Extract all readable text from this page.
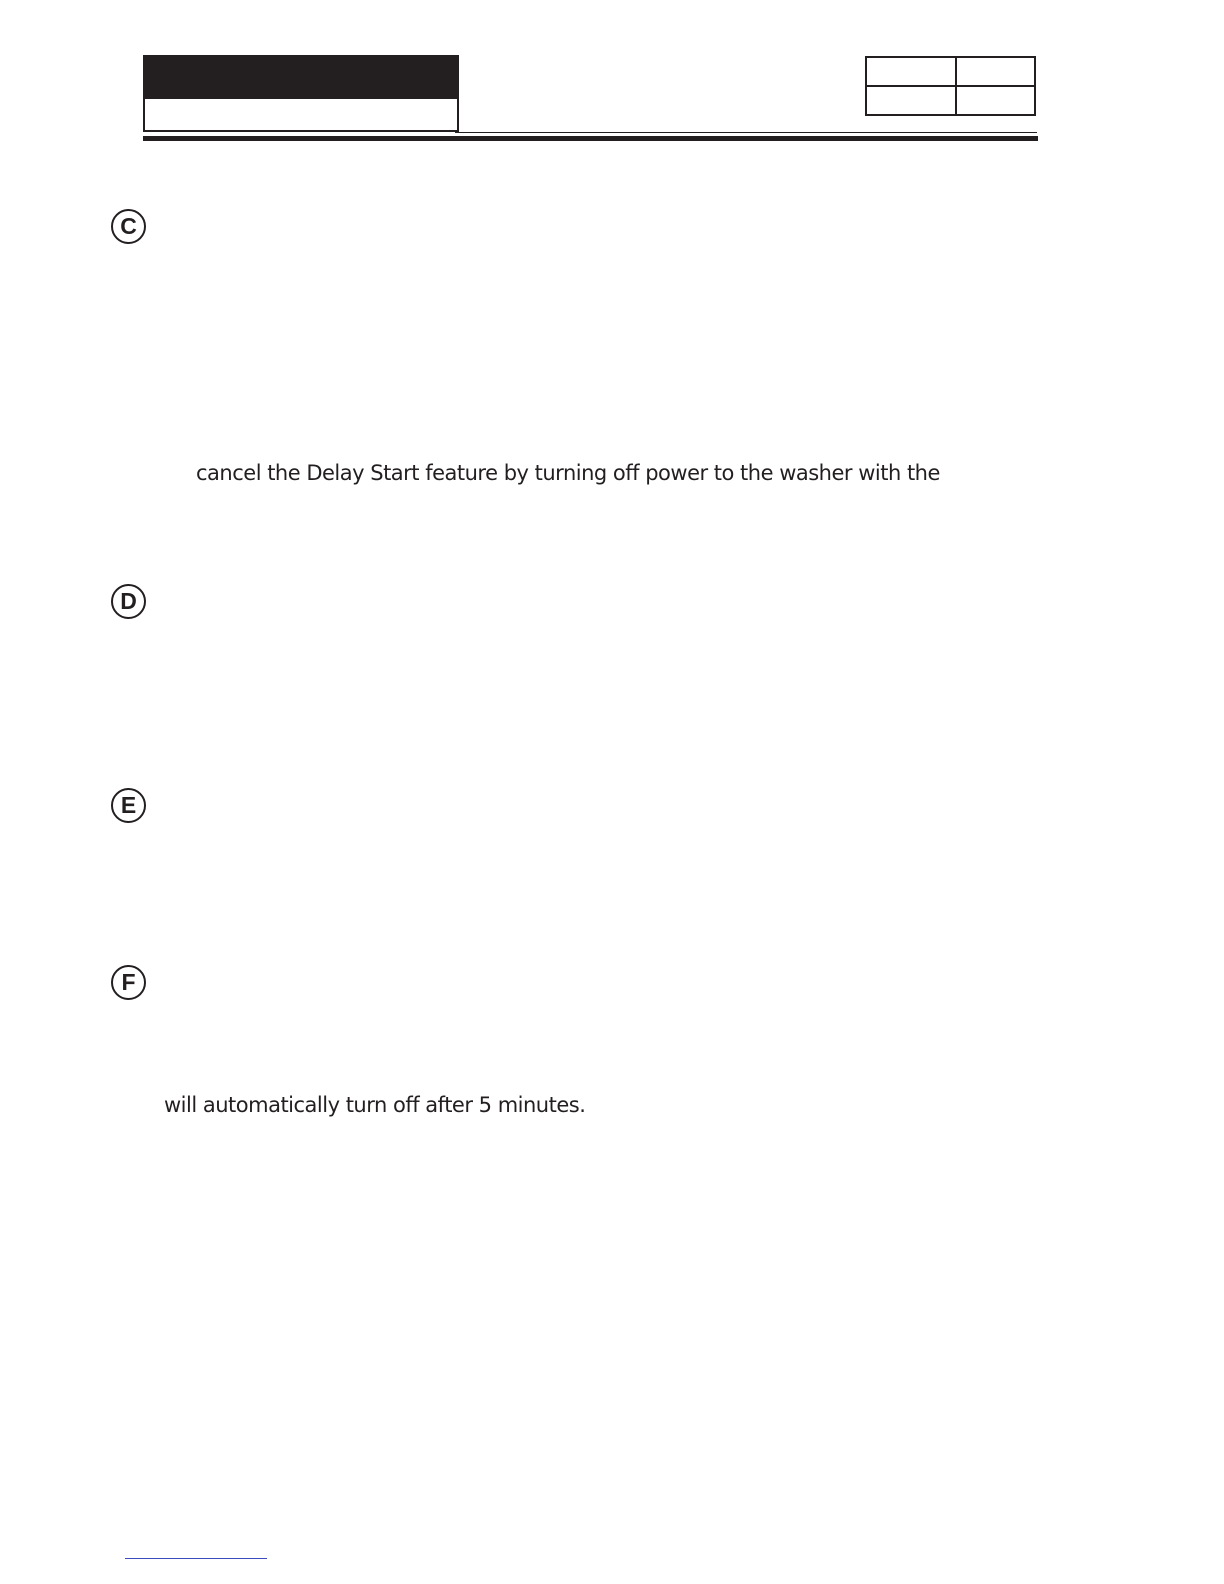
C
cancel the Delay Start feature by turning off power to the washer with the
D
E
F
will automatically turn off after 5 minutes.
